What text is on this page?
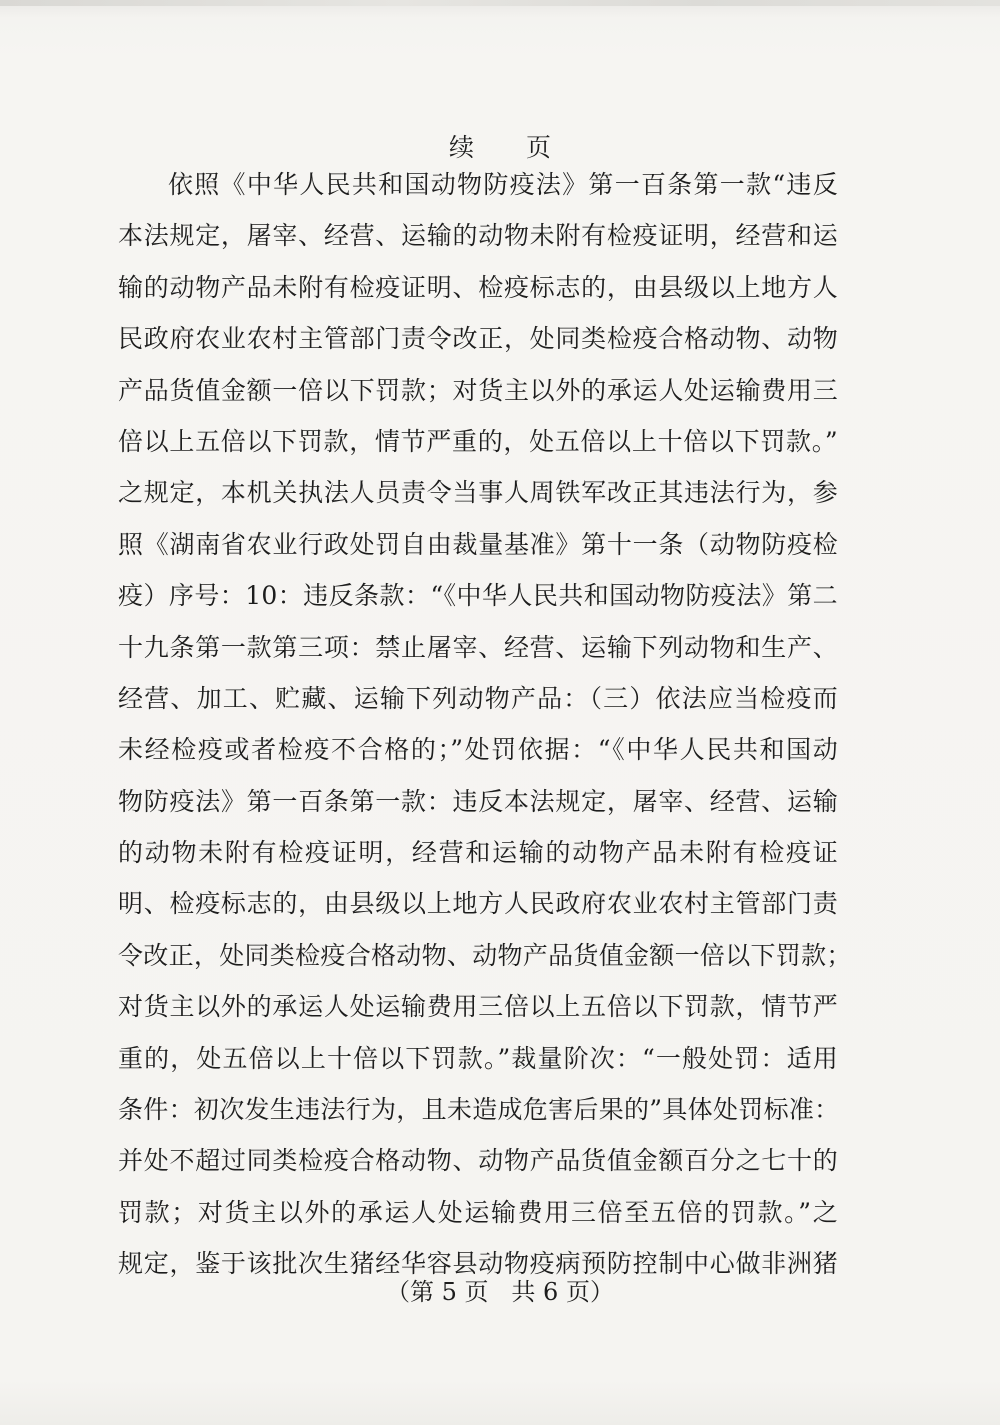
续 页
依照《中华人民共和国动物防疫法》第一百条第一款“违反
本法规定，屠宰、经营、运输的动物未附有检疫证明，经营和运
输的动物产品未附有检疫证明、检疫标志的，由县级以上地方人
民政府农业农村主管部门责令改正，处同类检疫合格动物、动物
产品货值金额一倍以下罚款；对货主以外的承运人处运输费用三
倍以上五倍以下罚款，情节严重的，处五倍以上十倍以下罚款。”
之规定，本机关执法人员责令当事人周铁军改正其违法行为，参
照《湖南省农业行政处罚自由裁量基准》第十一条（动物防疫检
疫）序号：10：违反条款：“《中华人民共和国动物防疫法》第二
十九条第一款第三项：禁止屠宰、经营、运输下列动物和生产、
经营、加工、贮藏、运输下列动物产品：（三）依法应当检疫而
未经检疫或者检疫不合格的；”处罚依据：“《中华人民共和国动
物防疫法》第一百条第一款：违反本法规定，屠宰、经营、运输
的动物未附有检疫证明，经营和运输的动物产品未附有检疫证
明、检疫标志的，由县级以上地方人民政府农业农村主管部门责
令改正，处同类检疫合格动物、动物产品货值金额一倍以下罚款；
对货主以外的承运人处运输费用三倍以上五倍以下罚款，情节严
重的，处五倍以上十倍以下罚款。”裁量阶次：“一般处罚：适用
条件：初次发生违法行为，且未造成危害后果的”具体处罚标准：
并处不超过同类检疫合格动物、动物产品货值金额百分之七十的
罚款；对货主以外的承运人处运输费用三倍至五倍的罚款。”之
规定，鉴于该批次生猪经华容县动物疫病预防控制中心做非洲猪

（第 5 页   共 6 页）
